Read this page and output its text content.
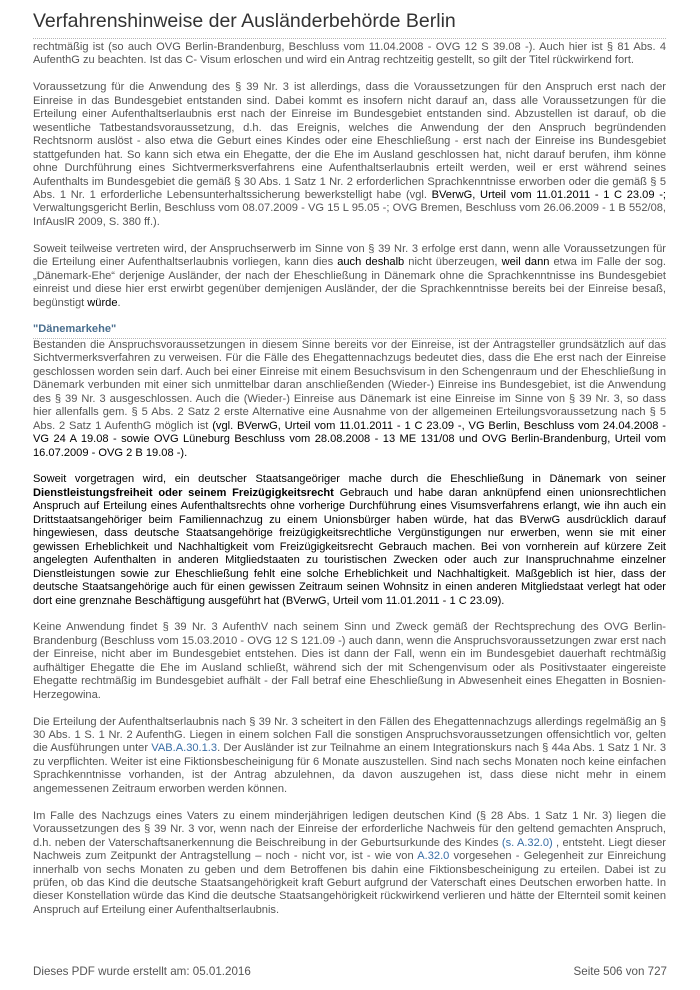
Verfahrenshinweise der Ausländerbehörde Berlin

rechtmäßig ist (so auch OVG Berlin-Brandenburg, Beschluss vom 11.04.2008 - OVG 12 S 39.08 -). Auch hier ist § 81 Abs. 4 AufenthG zu beachten. Ist das C- Visum erloschen und wird ein Antrag rechtzeitig gestellt, so gilt der Titel rückwirkend fort.

Voraussetzung für die Anwendung des § 39 Nr. 3 ist allerdings, dass die Voraussetzungen für den Anspruch erst nach der Einreise in das Bundesgebiet entstanden sind. Dabei kommt es insofern nicht darauf an, dass alle Voraussetzungen für die Erteilung einer Aufenthaltserlaubnis erst nach der Einreise im Bundesgebiet entstanden sind. Abzustellen ist darauf, ob die wesentliche Tatbestandsvoraussetzung, d.h. das Ereignis, welches die Anwendung der den Anspruch begründenden Rechtsnorm auslöst - also etwa die Geburt eines Kindes oder eine Eheschließung - erst nach der Einreise ins Bundesgebiet stattgefunden hat. So kann sich etwa ein Ehegatte, der die Ehe im Ausland geschlossen hat, nicht darauf berufen, ihm könne ohne Durchführung eines Sichtvermerksverfahrens eine Aufenthaltserlaubnis erteilt werden, weil er erst während seines Aufenthalts im Bundesgebiet die gemäß § 30 Abs. 1 Satz 1 Nr. 2 erforderlichen Sprachkenntnisse erworben oder die gemäß § 5 Abs. 1 Nr. 1 erforderliche Lebensunterhaltssicherung bewerkstelligt habe (vgl. BVerwG, Urteil vom 11.01.2011 - 1 C 23.09 -; Verwaltungsgericht Berlin, Beschluss vom 08.07.2009 - VG 15 L 95.05 -; OVG Bremen, Beschluss vom 26.06.2009 - 1 B 552/08, InfAuslR 2009, S. 380 ff.).

Soweit teilweise vertreten wird, der Anspruchserwerb im Sinne von § 39 Nr. 3 erfolge erst dann, wenn alle Voraussetzungen für die Erteilung einer Aufenthaltserlaubnis vorliegen, kann dies auch deshalb nicht überzeugen, weil dann etwa im Falle der sog. „Dänemark-Ehe“ derjenige Ausländer, der nach der Eheschließung in Dänemark ohne die Sprachkenntnisse ins Bundesgebiet einreist und diese hier erst erwirbt gegenüber demjenigen Ausländer, der die Sprachkenntnisse bereits bei der Einreise besaß, begünstigt würde.

"Dänemarkehe"

Bestanden die Anspruchsvoraussetzungen in diesem Sinne bereits vor der Einreise, ist der Antragsteller grundsätzlich auf das Sichtvermerksverfahren zu verweisen. Für die Fälle des Ehegattennachzugs bedeutet dies, dass die Ehe erst nach der Einreise geschlossen worden sein darf. Auch bei einer Einreise mit einem Besuchsvisum in den Schengenraum und der Eheschließung in Dänemark verbunden mit einer sich unmittelbar daran anschließenden (Wieder-) Einreise ins Bundesgebiet, ist die Anwendung des § 39 Nr. 3 ausgeschlossen. Auch die (Wieder-) Einreise aus Dänemark ist eine Einreise im Sinne von § 39 Nr. 3, so dass hier allenfalls gem. § 5 Abs. 2 Satz 2 erste Alternative eine Ausnahme von der allgemeinen Erteilungsvoraussetzung nach § 5 Abs. 2 Satz 1 AufenthG möglich ist (vgl. BVerwG, Urteil vom 11.01.2011 - 1 C 23.09 -, VG Berlin, Beschluss vom 24.04.2008 - VG 24 A 19.08 - sowie OVG Lüneburg Beschluss vom 28.08.2008 - 13 ME 131/08 und OVG Berlin-Brandenburg, Urteil vom 16.07.2009 - OVG 2 B 19.08 -).

Soweit vorgetragen wird, ein deutscher Staatsangeöriger mache durch die Eheschließung in Dänemark von seiner Dienstleistungsfreiheit oder seinem Freizügigkeitsrecht Gebrauch und habe daran anknüpfend einen unionsrechtlichen Anspruch auf Erteilung eines Aufenthaltsrechts ohne vorherige Durchführung eines Visumsverfahrens erlangt, wie ihn auch ein Drittstaatsangehöriger beim Familiennachzug zu einem Unionsbürger haben würde, hat das BVerwG ausdrücklich darauf hingewiesen, dass deutsche Staatsangehörige freizügigkeitsrechtliche Vergünstigungen nur erwerben, wenn sie mit einer gewissen Erheblichkeit und Nachhaltigkeit vom Freizügigkeitsrecht Gebrauch machen. Bei von vornherein auf kürzere Zeit angelegten Aufenthalten in anderen Mitgliedstaaten zu touristischen Zwecken oder auch zur Inanspruchnahme einzelner Dienstleistungen sowie zur Eheschließung fehlt eine solche Erheblichkeit und Nachhaltigkeit. Maßgeblich ist hier, dass der deutsche Staatsangehörige auch für einen gewissen Zeitraum seinen Wohnsitz in einen anderen Mitgliedstaat verlegt hat oder dort eine grenznahe Beschäftigung ausgeführt hat (BVerwG, Urteil vom 11.01.2011 - 1 C 23.09).

Keine Anwendung findet § 39 Nr. 3 AufenthV nach seinem Sinn und Zweck gemäß der Rechtsprechung des OVG Berlin-Brandenburg (Beschluss vom 15.03.2010 - OVG 12 S 121.09 -) auch dann, wenn die Anspruchsvoraussetzungen zwar erst nach der Einreise, nicht aber im Bundesgebiet entstehen. Dies ist dann der Fall, wenn ein im Bundesgebiet dauerhaft rechtmäßig aufhältiger Ehegatte die Ehe im Ausland schließt, während sich der mit Schengenvisum oder als Positivstaater eingereiste Ehegatte rechtmäßig im Bundesgebiet aufhält - der Fall betraf eine Eheschließung in Abwesenheit eines Ehegatten in Bosnien-Herzegowina.

Die Erteilung der Aufenthaltserlaubnis nach § 39 Nr. 3 scheitert in den Fällen des Ehegattennachzugs allerdings regelmäßig an § 30 Abs. 1 S. 1 Nr. 2 AufenthG. Liegen in einem solchen Fall die sonstigen Anspruchsvoraussetzungen offensichtlich vor, gelten die Ausführungen unter VAB.A.30.1.3. Der Ausländer ist zur Teilnahme an einem Integrationskurs nach § 44a Abs. 1 Satz 1 Nr. 3 zu verpflichten. Weiter ist eine Fiktionsbescheinigung für 6 Monate auszustellen. Sind nach sechs Monaten noch keine einfachen Sprachkenntnisse vorhanden, ist der Antrag abzulehnen, da davon auszugehen ist, dass diese nicht mehr in einem angemessenen Zeitraum erworben werden können.

Im Falle des Nachzugs eines Vaters zu einem minderjährigen ledigen deutschen Kind (§ 28 Abs. 1 Satz 1 Nr. 3) liegen die Voraussetzungen des § 39 Nr. 3 vor, wenn nach der Einreise der erforderliche Nachweis für den geltend gemachten Anspruch, d.h. neben der Vaterschaftsanerkennung die Beischreibung in der Geburtsurkunde des Kindes (s. A.32.0) , entsteht. Liegt dieser Nachweis zum Zeitpunkt der Antragstellung – noch - nicht vor, ist - wie von A.32.0 vorgesehen - Gelegenheit zur Einreichung innerhalb von sechs Monaten zu geben und dem Betroffenen bis dahin eine Fiktionsbescheinigung zu erteilen. Dabei ist zu prüfen, ob das Kind die deutsche Staatsangehörigkeit kraft Geburt aufgrund der Vaterschaft eines Deutschen erworben hatte. In dieser Konstellation würde das Kind die deutsche Staatsangehörigkeit rückwirkend verlieren und hätte der Elternteil somit keinen Anspruch auf Erteilung einer Aufenthaltserlaubnis.

Dieses PDF wurde erstellt am: 05.01.2016	Seite 506 von 727
